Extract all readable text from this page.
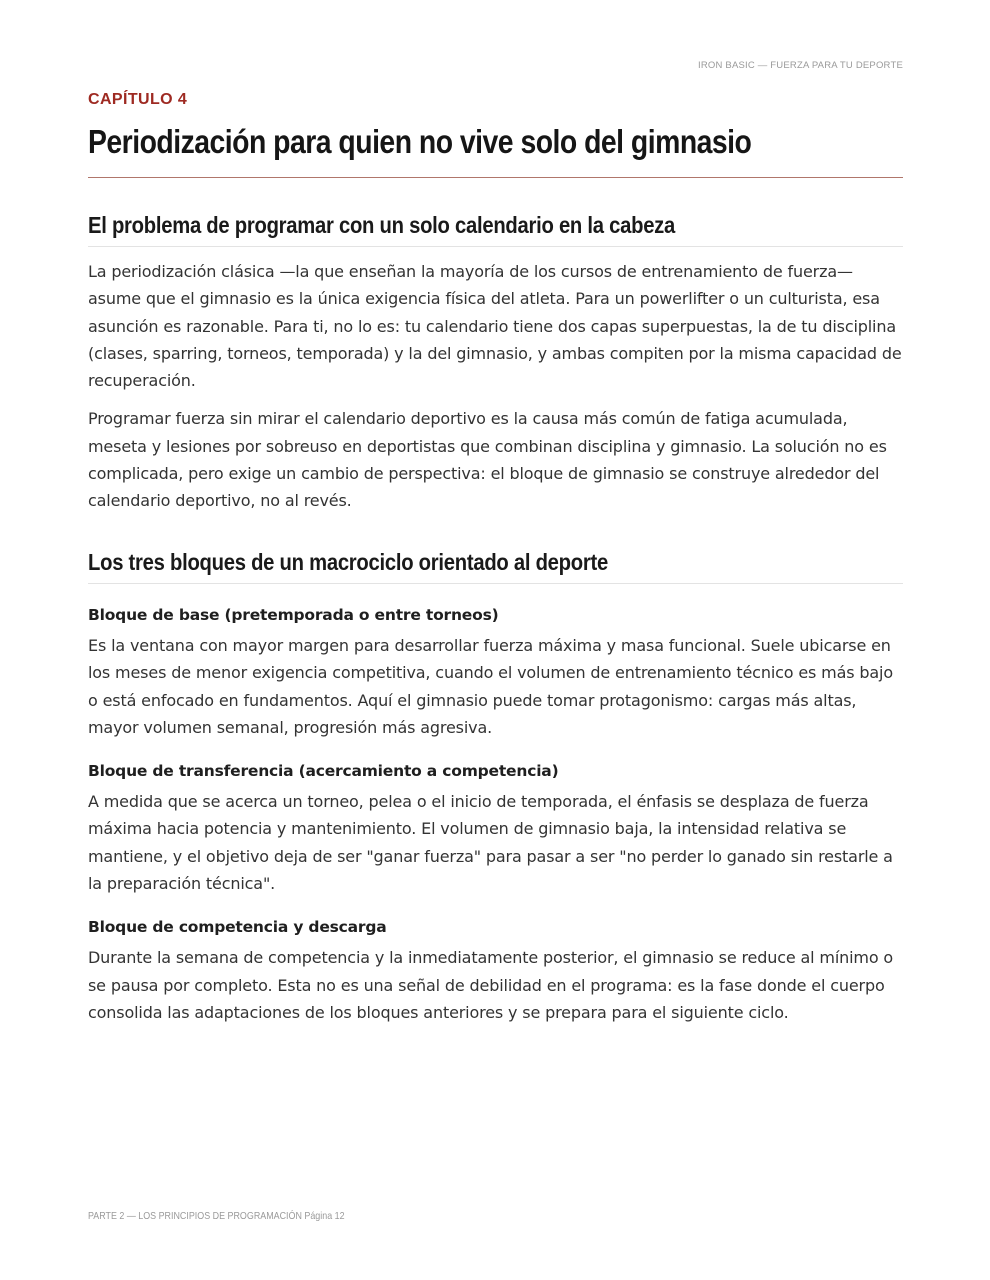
IRON BASIC — FUERZA PARA TU DEPORTE
CAPÍTULO 4
Periodización para quien no vive solo del gimnasio
El problema de programar con un solo calendario en la cabeza

La periodización clásica —la que enseñan la mayoría de los cursos de entrenamiento de fuerza— asume que el gimnasio es la única exigencia física del atleta. Para un powerlifter o un culturista, esa asunción es razonable. Para ti, no lo es: tu calendario tiene dos capas superpuestas, la de tu disciplina (clases, sparring, torneos, temporada) y la del gimnasio, y ambas compiten por la misma capacidad de recuperación.

Programar fuerza sin mirar el calendario deportivo es la causa más común de fatiga acumulada, meseta y lesiones por sobreuso en deportistas que combinan disciplina y gimnasio. La solución no es complicada, pero exige un cambio de perspectiva: el bloque de gimnasio se construye alrededor del calendario deportivo, no al revés.

Los tres bloques de un macrociclo orientado al deporte
Bloque de base (pretemporada o entre torneos)

Es la ventana con mayor margen para desarrollar fuerza máxima y masa funcional. Suele ubicarse en los meses de menor exigencia competitiva, cuando el volumen de entrenamiento técnico es más bajo o está enfocado en fundamentos. Aquí el gimnasio puede tomar protagonismo: cargas más altas, mayor volumen semanal, progresión más agresiva.

Bloque de transferencia (acercamiento a competencia)

A medida que se acerca un torneo, pelea o el inicio de temporada, el énfasis se desplaza de fuerza máxima hacia potencia y mantenimiento. El volumen de gimnasio baja, la intensidad relativa se mantiene, y el objetivo deja de ser "ganar fuerza" para pasar a ser "no perder lo ganado sin restarle a la preparación técnica".

Bloque de competencia y descarga

Durante la semana de competencia y la inmediatamente posterior, el gimnasio se reduce al mínimo o se pausa por completo. Esta no es una señal de debilidad en el programa: es la fase donde el cuerpo consolida las adaptaciones de los bloques anteriores y se prepara para el siguiente ciclo.

PARTE 2 — LOS PRINCIPIOS DE PROGRAMACIÓN Página 12
